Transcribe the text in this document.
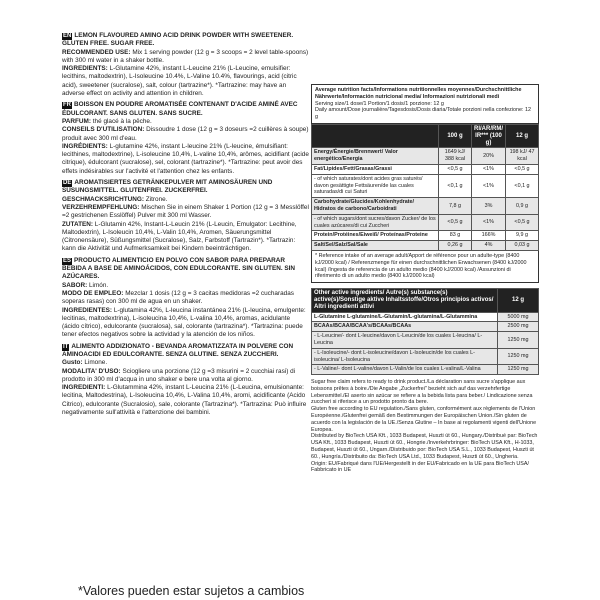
EN LEMON FLAVOURED AMINO ACID DRINK POWDER WITH SWEETENER. GLUTEN FREE. SUGAR FREE.

RECOMMENDED USE: Mix 1 serving powder (12 g = 3 scoops = 2 level table-spoons) with 300 ml water in a shaker bottle.

INGREDIENTS: L-Glutamine 42%, instant L-Leucine 21% (L-Leucine, emulsifier: lecithins, maltodextrin), L-Isoleucine 10.4%, L-Valine 10.4%, flavourings, acid (citric acid), sweetener (sucralose), salt, colour (tartrazine*). *Tartrazine: may have an adverse effect on activity and attention in children.

FR BOISSON EN POUDRE AROMATISÉE CONTENANT D'ACIDE AMINÉ AVEC ÉDULCORANT. SANS GLUTEN. SANS SUCRE.

PARFUM: thé glacé à la pêche.

CONSEILS D'UTILISATION: Dissoudre 1 dose (12 g = 3 doseurs =2 cuillères à soupe) produit avec 300 ml d'eau.

INGRÉDIENTS: L-glutamine 42%, instant L-leucine 21% (L-leucine, émulsifiant: lecithines, maltodextrine), L-isoleucine 10,4%, L-valine 10,4%, arômes, acidifiant (acide citrique), édulcorant (sucralose), sel, colorant (tartrazine*). *Tartrazine: peut avoir des effets indésirables sur l'activité et l'attention chez les enfants.

DE AROMATISIERTES GETRÄNKEPULVER MIT AMINOSÄUREN UND SÜSUNGSMITTEL. GLUTENFREI. ZUCKERFREI.

GESCHMACKSRICHTUNG: Zitrone.

VERZEHREMPFEHLUNG: Mischen Sie in einem Shaker 1 Portion (12 g = 3 Messlöffel =2 gestrichenen Esslöffel) Pulver mit 300 ml Wasser.

ZUTATEN: L-Glutamin 42%, Instant-L-Leucin 21% (L-Leucin, Emulgator: Lecithine, Maltodextrin), L-Isoleucin 10,4%, L-Valin 10,4%, Aromen, Säuerungsmittel (Citronensäure), Süßungsmittel (Sucralose), Salz, Farbstoff (Tartrazin*). *Tartrazin: kann die Aktivität und Aufmerksamkeit bei Kindern beeinträchtigen.

ES PRODUCTO ALIMENTICIO EN POLVO CON SABOR PARA PREPARAR BEBIDA A BASE DE AMINOÁCIDOS, CON EDULCORANTE. SIN GLUTEN. SIN AZÚCARES.

SABOR: Limón.

MODO DE EMPLEO: Mezclar 1 dosis (12 g = 3 cacitas medidoras =2 cucharadas soperas rasas) con 300 ml de agua en un shaker.

INGREDIENTES: L-glutamina 42%, L-leucina instantánea 21% (L-leucina, emulgente: lecitinas, maltodextrina), L-isoleucina 10,4%, L-valina 10,4%, aromas, acidulante (ácido cítrico), edulcorante (sucralosa), sal, colorante (tartrazina*). *Tartrazina: puede tener efectos negativos sobre la actividad y la atención de los niños.

IT ALIMENTO ADDIZIONATO - BEVANDA AROMATIZZATA IN POLVERE CON AMINOACIDI ED EDULCORANTE. SENZA GLUTINE. SENZA ZUCCHERI.

Gusto: Limone.

MODALITA' D'USO: Sciogliere una porzione (12 g =3 misurini = 2 cucchiai rasi) di prodotto in 300 ml d'acqua in uno shaker e bere una volta al giorno.

INGREDIENTI: L-Glutammina 42%, instant L-Leucina 21% (L-Leucina, emulsionante: lecitina, Maltodestrina), L-Isoleucina 10,4%, L-Valina 10,4%, aromi, acidificante (Acido Citrico), edulcorante (Sucralosio), sale, colorante (Tartrazina*). *Tartrazina: Può influire negativamente sull'attività e l'attenzione dei bambini.

Average nutrition facts/Informations nutritionnelles moyennes/Durchschnittliche Nährwerte/Información nutricional media/ Informazioni nutrizionali medi

Serving size/1 dose/1 Portion/1 dosis/1 porzione: 12 g

Daily amount/Dose journalière/Tagesdosis/Dosis diaria/Totale porzioni nella confezione: 12 g

	100 g	RI/AR/RM/ IR*** (100 g)	12 g
Energy/Énergie/Brennwert/ Valor energético/Energia	1649 kJ/ 388 kcal	20%	198 kJ/ 47 kcal
Fat/Lipides/Fett/Grasas/Grassi	<0,5 g	<1%	<0,5 g
- of which saturates/dont acides gras saturés/ davon gesättigte Fettsäuren/de las cuales saturadas/di cui Saturi	<0,1 g	<1%	<0,1 g
Carbohydrate/Glucides/Kohlenhydrate/ Hidratos de carbono/Carboidrati	7,8 g	3%	0,9 g
- of which sugars/dont sucres/davon Zucker/ de los cuales azúcares/di cui Zuccheri	<0,5 g	<1%	<0,5 g
Protein/Protéines/Eiweiß/ Proteínas/Proteine	83 g	166%	9,9 g
Salt/Sel/Salz/Sal/Sale	0,26 g	4%	0,03 g
* Reference intake of an average adult/Apport de référence pour un adulte-type (8400 kJ/2000 kcal) / Referenzmenge für einen durchschnittlichen Erwachsenen (8400 kJ/2000 kcal) /Ingesta de referencia de un adulto medio (8400 kJ/2000 kcal) /Assunzioni di riferimento di un adulto medio (8400 kJ/2000 kcal)
Other active ingredients/ Autre(s) substance(s) active(s)/Sonstige aktive Inhaltsstoffe/Otros principios activos/ Altri ingredienti attivi	12 g
L-Glutamine L-glutamine/L-Glutamin/L-glutamina/L-Glutammina	5000 mg
BCAAs/BCAA/BCAA's/BCAAs/BCAAs	2500 mg
- L-Leucine/- dont L-leucine/davon L-Leucin/de los cuales L-leucina/ L-Leucina	1250 mg
- L-Isoleucine/- dont L-isoleucine/davon L-Isoleucin/de los cuales L-isoleucina/ L-Isoleucina	1250 mg
- L-Valine/- dont L-valine/davon L-Valin/de los cuales L-valina/L-Valina	1250 mg

Sugar free claim refers to ready to drink product./La déclaration sans sucre s'applique aux boissons prêtes à boire./Die Angabe „Zuckerfrei" bezieht sich auf das verzehrfertige Lebensmittel./El aserto sin azúcar se refiere a la bebida lista para beber./ Lindicazione senza zuccheri si riferisce a un prodotto pronto da bere.

Gluten free according to EU regulation./Sans gluten, conformément aux règlements de l'Union Européenne./Glutenfrei gemäß den Bestimmungen der Europäischen Union./Sin gluten de acuerdo con la legislación de la UE./Senza Glutine – In base ai regolamenti vigenti dell'Unione Europea.

Distributed by BioTech USA Kft., 1033 Budapest, Huszti út 60., Hungary./Distribué par: BioTech USA Kft., 1033 Budapest, Huszti út 60., Hongrie./Inverkehrbringer: BioTech USA Kft., H-1033, Budapest, Huszti út 60., Ungarn./Distribuido por: BioTech USA S.L., 1033 Budapest, Huszti út 60., Hungría./Distribuito da: BioTech USA Ltd., 1033 Budapest, Huszti út 60., Ungheria.

Origin: EU/Fabriqué dans l'UE/Hergestellt in der EU/Fabricado en la UE para BioTech USA/ Fabbricato in UE

*Valores pueden estar sujetos a cambios
